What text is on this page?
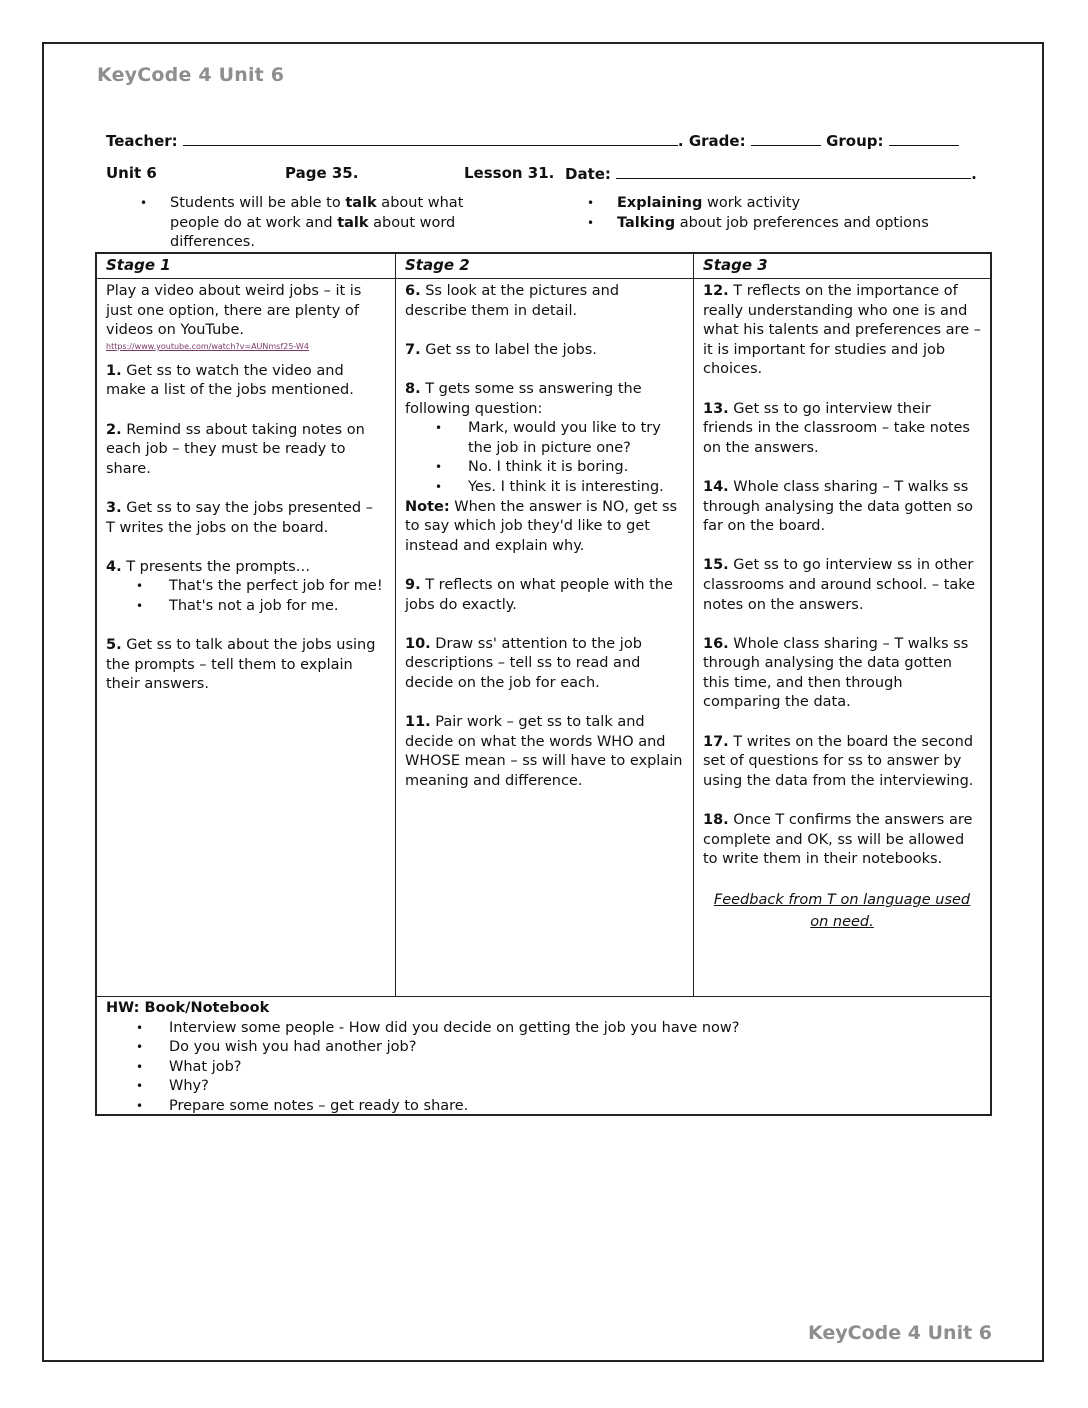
KeyCode 4 Unit 6
Teacher:	. Grade:	Group:
Unit 6	Page 35.	Lesson 31. Date:	.
• Students will be able to talk about what people do at work and talk about word differences.
• Explaining work activity
• Talking about job preferences and options
Stage 1
Play a video about weird jobs – it is just one option, there are plenty of videos on YouTube.
https://www.youtube.com/watch?v=AUNmsf25-W4

1. Get ss to watch the video and make a list of the jobs mentioned.

2. Remind ss about taking notes on each job – they must be ready to share.

3. Get ss to say the jobs presented – T writes the jobs on the board.

4. T presents the prompts…
• That's the perfect job for me!
• That's not a job for me.

5. Get ss to talk about the jobs using the prompts – tell them to explain their answers.

Stage 2

6. Ss look at the pictures and describe them in detail.

7. Get ss to label the jobs.

8. T gets some ss answering the following question:
• Mark, would you like to try the job in picture one?
• No. I think it is boring.
• Yes. I think it is interesting.

Note: When the answer is NO, get ss to say which job they'd like to get instead and explain why.

9. T reflects on what people with the jobs do exactly.

10. Draw ss' attention to the job descriptions – tell ss to read and decide on the job for each.

11. Pair work – get ss to talk and decide on what the words WHO and WHOSE mean – ss will have to explain meaning and difference.

Stage 3

12. T reflects on the importance of really understanding who one is and what his talents and preferences are – it is important for studies and job choices.

13. Get ss to go interview their friends in the classroom – take notes on the answers.

14. Whole class sharing – T walks ss through analysing the data gotten so far on the board.

15. Get ss to go interview ss in other classrooms and around school. – take notes on the answers.

16. Whole class sharing – T walks ss through analysing the data gotten this time, and then through comparing the data.

17. T writes on the board the second set of questions for ss to answer by using the data from the interviewing.

18. Once T confirms the answers are complete and OK, ss will be allowed to write them in their notebooks.

Feedback from T on language used on need.
HW: Book/Notebook
• Interview some people - How did you decide on getting the job you have now?
• Do you wish you had another job?
• What job?
• Why?
• Prepare some notes – get ready to share.
KeyCode 4 Unit 6
